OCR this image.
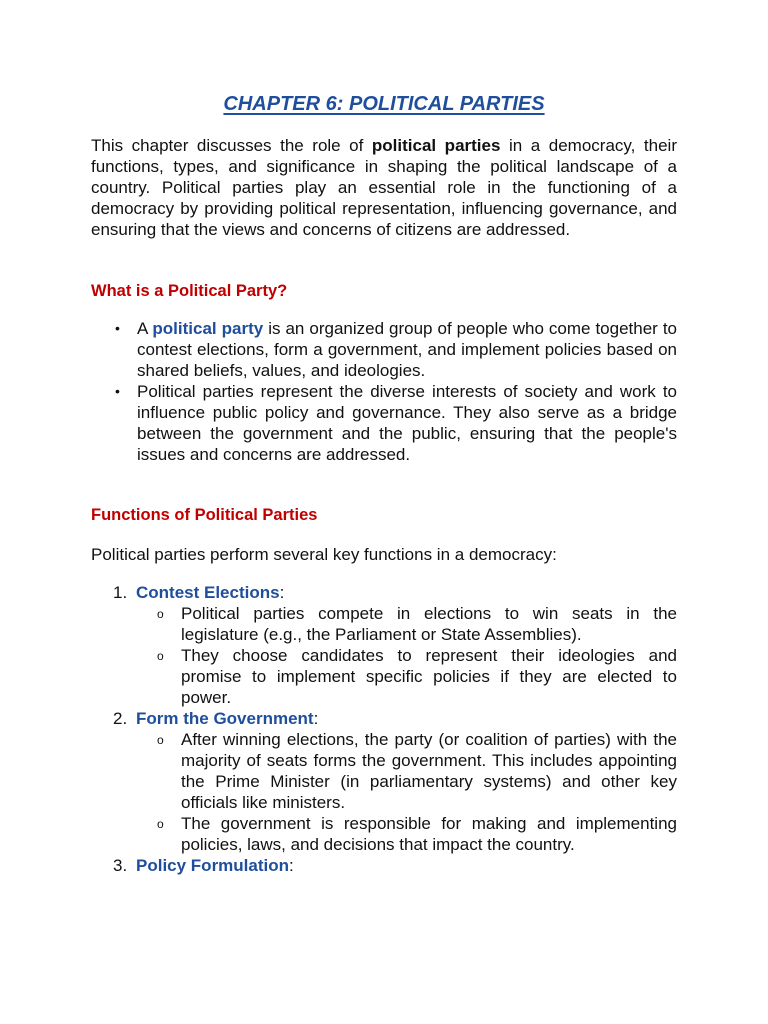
CHAPTER 6: POLITICAL PARTIES

This chapter discusses the role of political parties in a democracy, their functions, types, and significance in shaping the political landscape of a country. Political parties play an essential role in the functioning of a democracy by providing political representation, influencing governance, and ensuring that the views and concerns of citizens are addressed.

What is a Political Party?
• A political party is an organized group of people who come together to contest elections, form a government, and implement policies based on shared beliefs, values, and ideologies.
• Political parties represent the diverse interests of society and work to influence public policy and governance. They also serve as a bridge between the government and the public, ensuring that the people's issues and concerns are addressed.
Functions of Political Parties

Political parties perform several key functions in a democracy:

1. Contest Elections:
o Political parties compete in elections to win seats in the legislature (e.g., the Parliament or State Assemblies).
o They choose candidates to represent their ideologies and promise to implement specific policies if they are elected to power.
2. Form the Government:
o After winning elections, the party (or coalition of parties) with the majority of seats forms the government. This includes appointing the Prime Minister (in parliamentary systems) and other key officials like ministers.
o The government is responsible for making and implementing policies, laws, and decisions that impact the country.
3. Policy Formulation:
